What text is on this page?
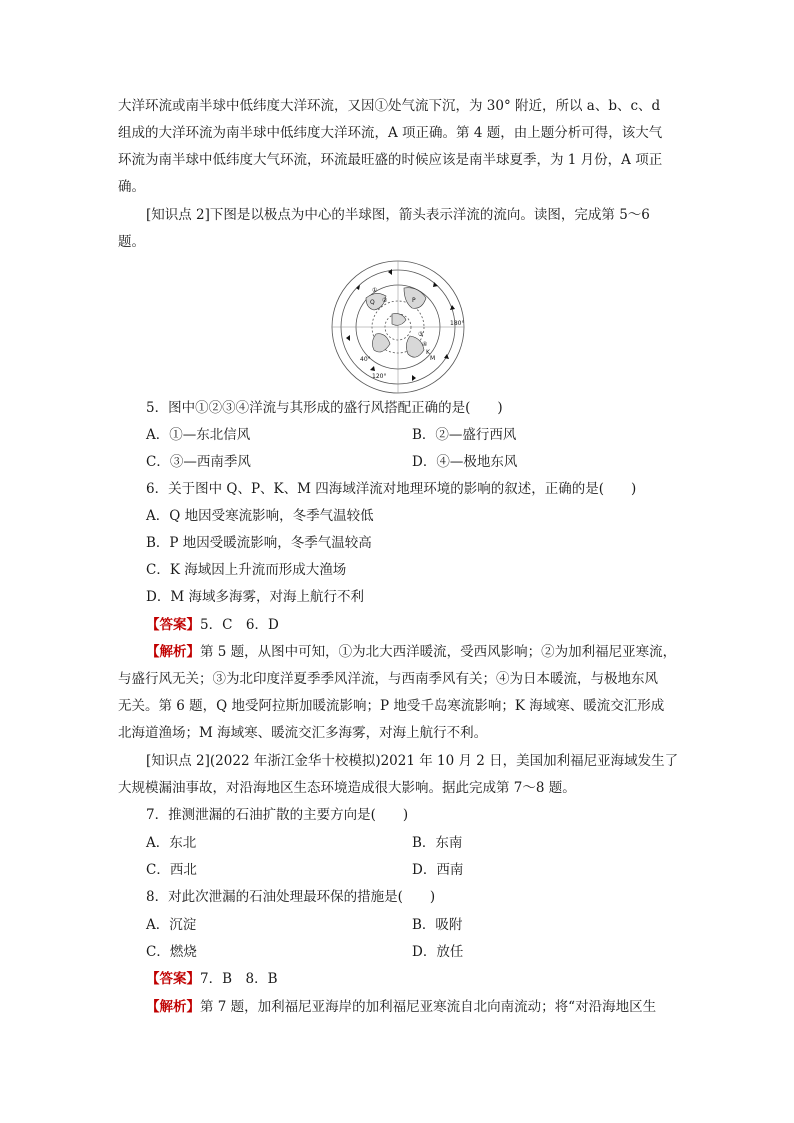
大洋环流或南半球中低纬度大洋环流，又因①处气流下沉，为 30° 附近，所以 a、b、c、d
组成的大洋环流为南半球中低纬度大洋环流，A 项正确。第 4 题，由上题分析可得，该大气
环流为南半球中低纬度大气环流，环流最旺盛的时候应该是南半球夏季，为 1 月份，A 项正
确。
[知识点 2]下图是以极点为中心的半球图，箭头表示洋流的流向。读图，完成第 5～6
题。
①
②
③
④
Q	P
K
M
180°
40°
120°
5．图中①②③④洋流与其形成的盛行风搭配正确的是(　　)
A．①—东北信风	B．②—盛行西风
C．③—西南季风	D．④—极地东风
6．关于图中 Q、P、K、M 四海域洋流对地理环境的影响的叙述，正确的是(　　)
A．Q 地因受寒流影响，冬季气温较低
B．P 地因受暖流影响，冬季气温较高
C．K 海域因上升流而形成大渔场
D．M 海域多海雾，对海上航行不利
【答案】5．C　6．D
【解析】第 5 题，从图中可知，①为北大西洋暖流，受西风影响；②为加利福尼亚寒流，
与盛行风无关；③为北印度洋夏季季风洋流，与西南季风有关；④为日本暖流，与极地东风
无关。第 6 题，Q 地受阿拉斯加暖流影响；P 地受千岛寒流影响；K 海域寒、暖流交汇形成
北海道渔场；M 海域寒、暖流交汇多海雾，对海上航行不利。
[知识点 2](2022 年浙江金华十校模拟)2021 年 10 月 2 日，美国加利福尼亚海域发生了
大规模漏油事故，对沿海地区生态环境造成很大影响。据此完成第 7～8 题。
7．推测泄漏的石油扩散的主要方向是(　　)
A．东北	B．东南
C．西北	D．西南
8．对此次泄漏的石油处理最环保的措施是(　　)
A．沉淀	B．吸附
C．燃烧	D．放任
【答案】7．B　8．B
【解析】第 7 题，加利福尼亚海岸的加利福尼亚寒流自北向南流动；将“对沿海地区生
